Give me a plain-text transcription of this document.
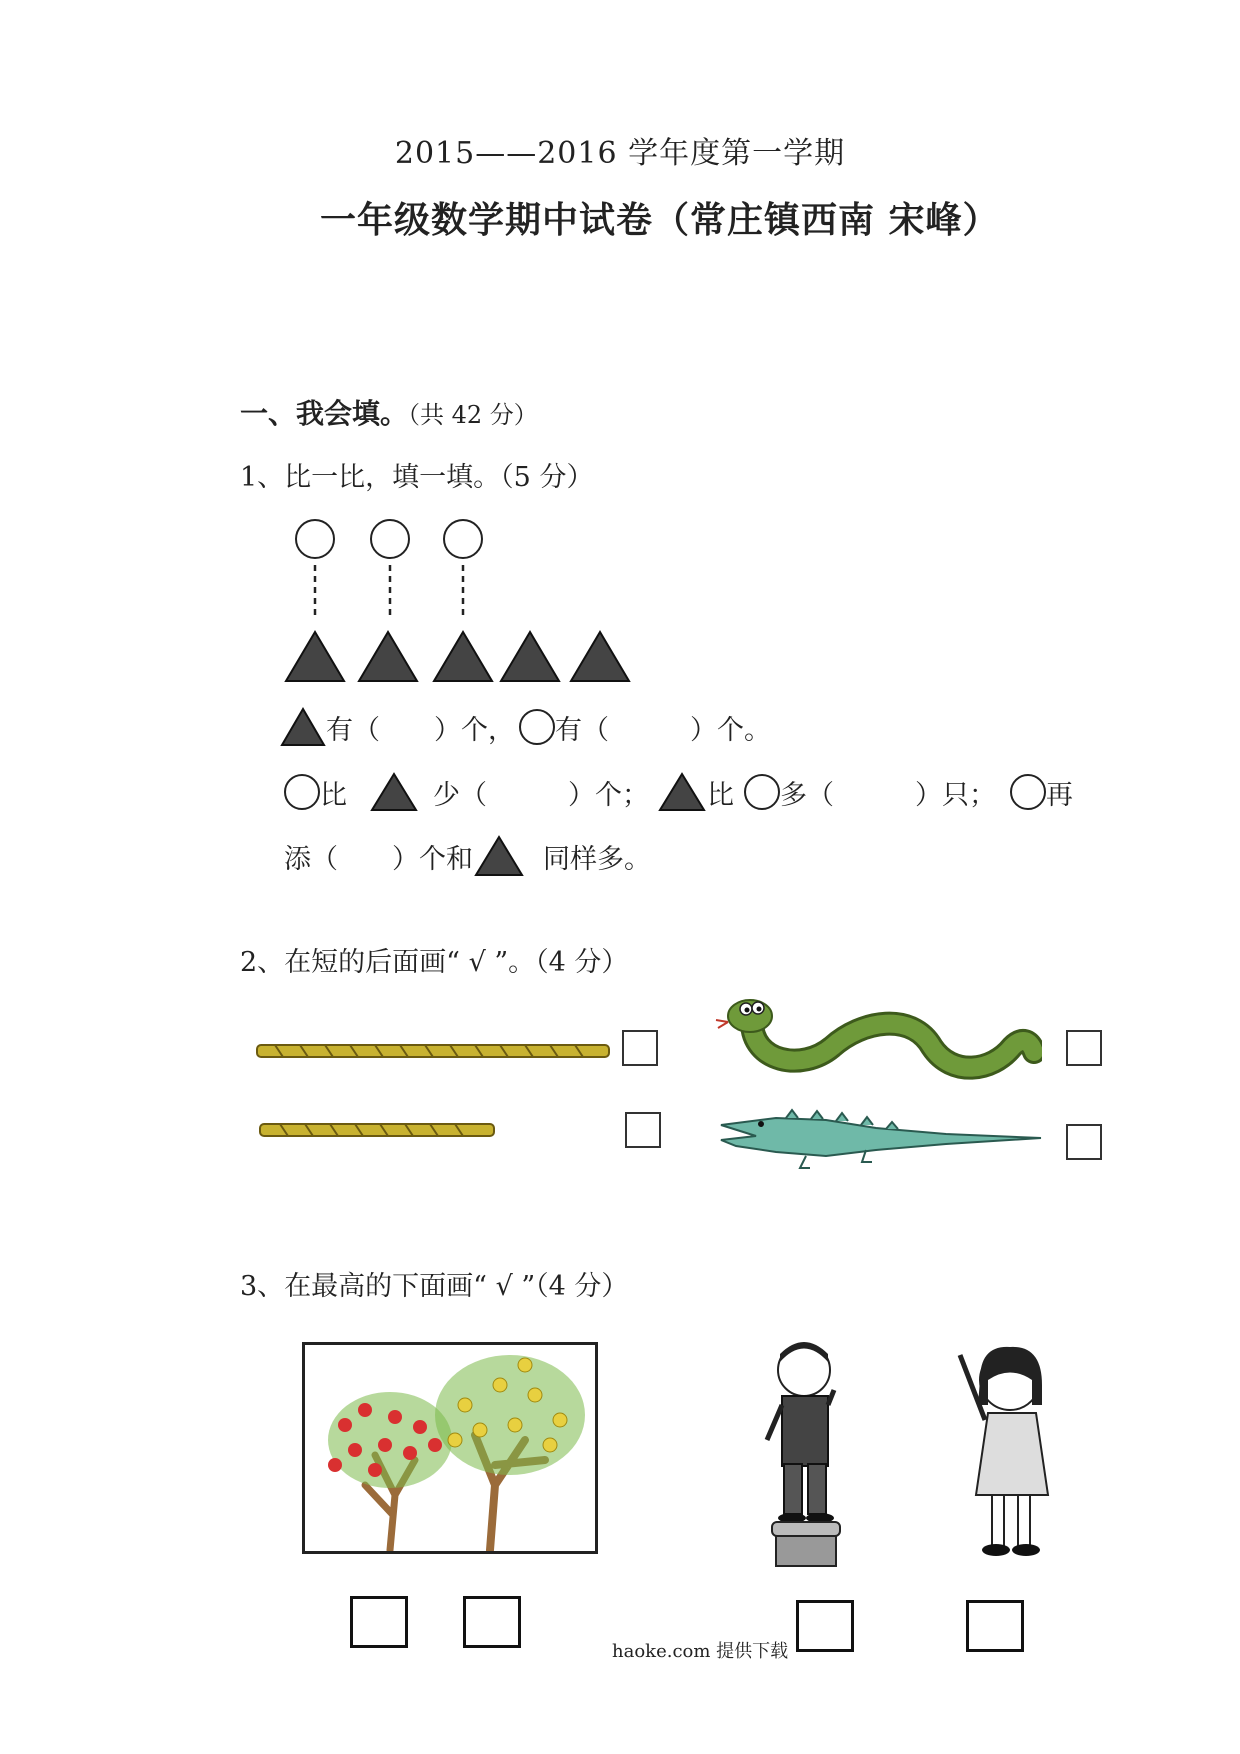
2015——2016 学年度第一学期
一年级数学期中试卷（常庄镇西南 宋峰）
一、我会填。（共 42 分）
1、比一比，填一填。（5 分）
有（　　）个， 有（　　　）个。
比	少（　　　）个； 比 多（　　　）只； 再
添（　　）个和	同样多。
2、在短的后面画“ √ ”。（4 分）
3、在最高的下面画“ √ ”（4 分）
haoke.com 提供下载
